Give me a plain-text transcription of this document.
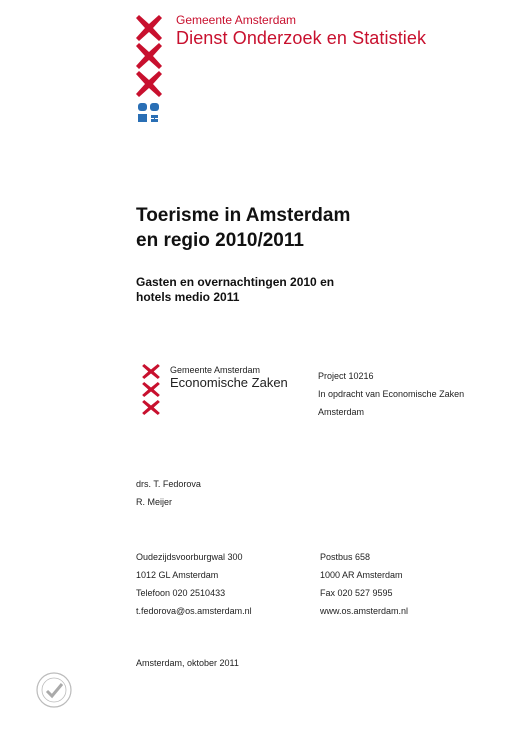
Gemeente Amsterdam
Dienst Onderzoek en Statistiek
Toerisme in Amsterdam
en regio 2010/2011
Gasten en overnachtingen 2010 en
hotels medio 2011
Gemeente Amsterdam
Economische Zaken	Project 10216
In opdracht van Economische Zaken
Amsterdam
drs. T. Fedorova
R. Meijer
Oudezijdsvoorburgwal 300
1012 GL Amsterdam
Telefoon 020 2510433
t.fedorova@os.amsterdam.nl
Postbus 658
1000 AR Amsterdam
Fax 020 527 9595
www.os.amsterdam.nl
Amsterdam, oktober 2011
